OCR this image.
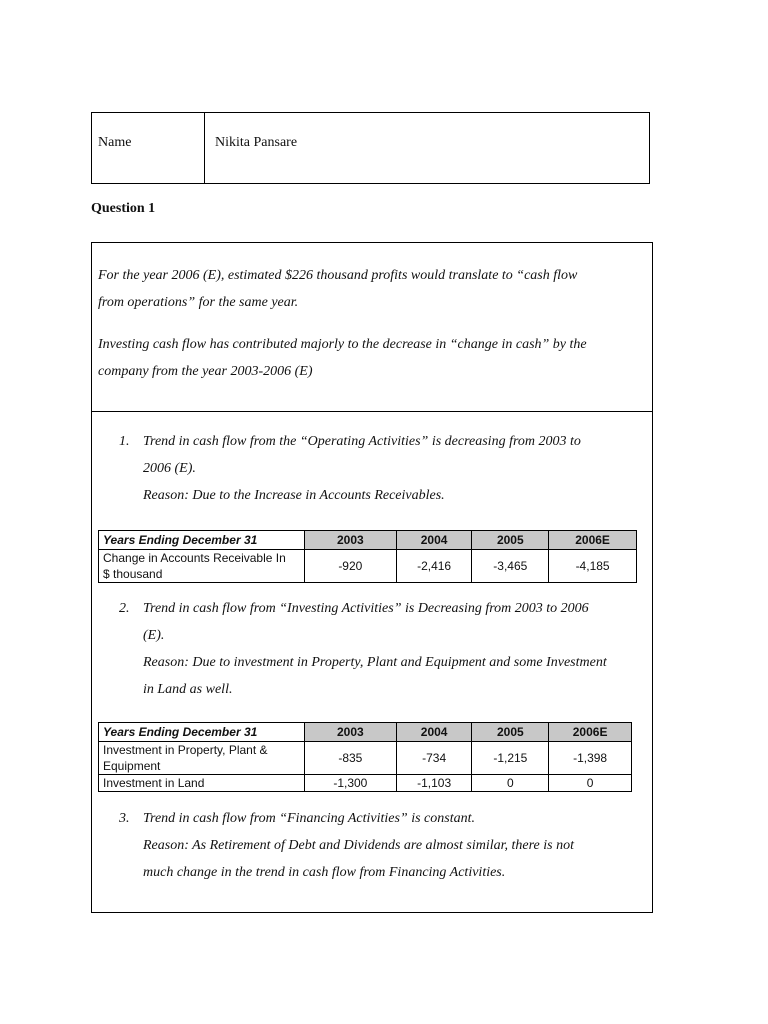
Name	Nikita Pansare
Question 1
For the year 2006 (E), estimated $226 thousand profits would translate to “cash flow
from operations” for the same year.
Investing cash flow has contributed majorly to the decrease in “change in cash” by the
company from the year 2003-2006 (E)
1. Trend in cash flow from the “Operating Activities” is decreasing from 2003 to
2006 (E).
Reason: Due to the Increase in Accounts Receivables.
Years Ending December 31	2003	2004	2005	2006E

Change in Accounts Receivable In
$ thousand	-920	-2,416	-3,465	-4,185
2. Trend in cash flow from “Investing Activities” is Decreasing from 2003 to 2006
(E).
Reason: Due to investment in Property, Plant and Equipment and some Investment
in Land as well.
Years Ending December 31	2003	2004	2005	2006E

Investment in Property, Plant &
Equipment	-835	-734	-1,215	-1,398
Investment in Land	-1,300	-1,103	0	0
3. Trend in cash flow from “Financing Activities” is constant.
Reason: As Retirement of Debt and Dividends are almost similar, there is not
much change in the trend in cash flow from Financing Activities.
